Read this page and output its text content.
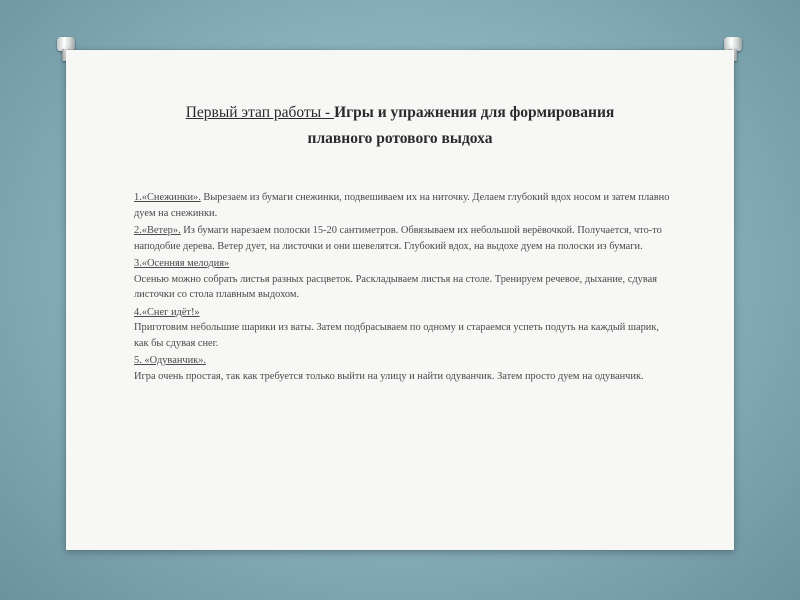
Первый этап работы - Игры и упражнения для формирования
плавного ротового выдоха
1.«Снежинки». Вырезаем из бумаги снежинки, подвешиваем их на ниточку. Делаем глубокий вдох носом и затем плавно дуем на снежинки.
2.«Ветер». Из бумаги нарезаем полоски 15-20 сантиметров. Обвязываем их небольшой верёвочкой. Получается, что-то наподобие дерева. Ветер дует, на листочки и они шевелятся. Глубокий вдох, на выдохе дуем на полоски из бумаги.
3.«Осенняя мелодия»
Осенью можно собрать листья разных расцветок. Раскладываем листья на столе. Тренируем речевое, дыхание, сдувая листочки со стола плавным выдохом.
4.«Снег идёт!»
Приготовим небольшие шарики из ваты. Затем подбрасываем по одному и стараемся успеть подуть на каждый шарик, как бы сдувая снег.
5. «Одуванчик».
Игра очень простая, так как требуется только выйти на улицу и найти одуванчик. Затем просто дуем на одуванчик.
